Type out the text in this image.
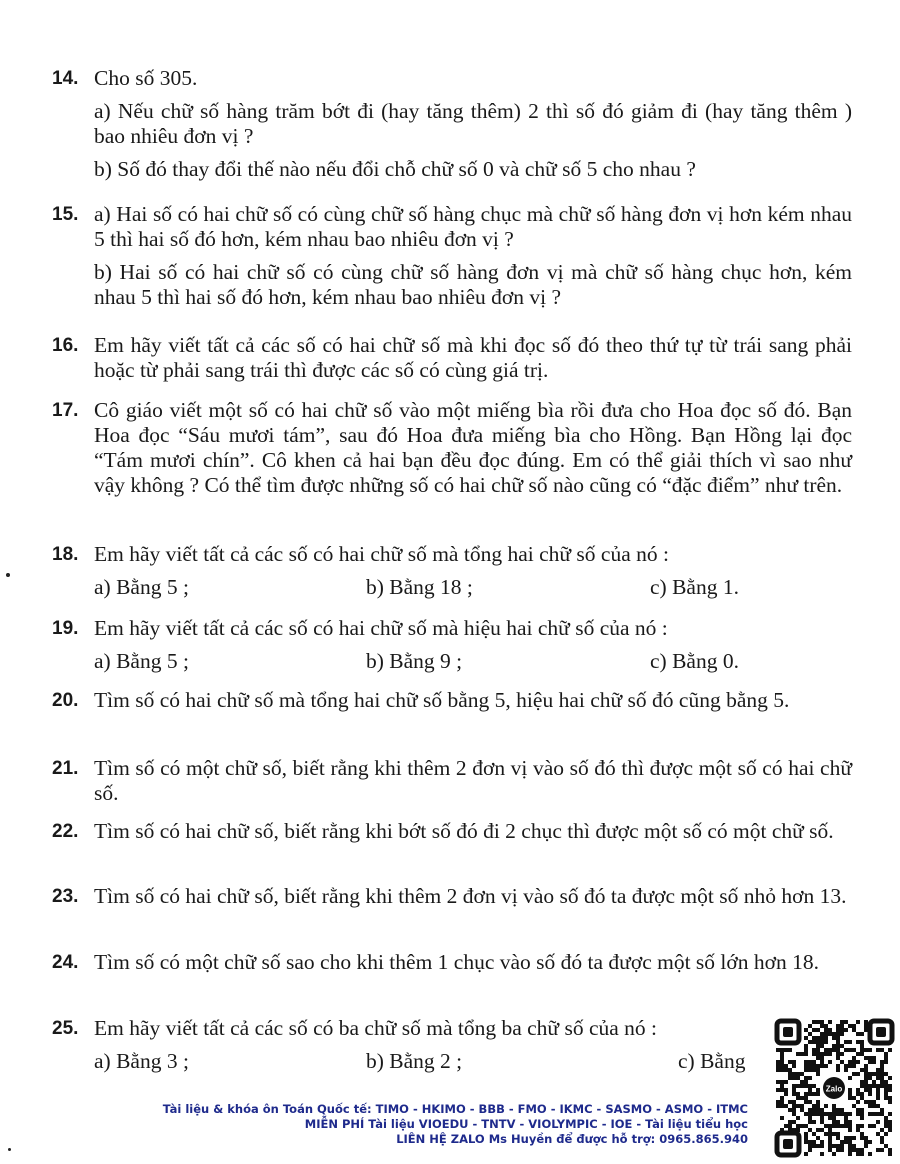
14. Cho số 305.

a) Nếu chữ số hàng trăm bớt đi (hay tăng thêm) 2 thì số đó giảm đi (hay tăng thêm ) bao nhiêu đơn vị ?

b) Số đó thay đổi thế nào nếu đổi chỗ chữ số 0 và chữ số 5 cho nhau ?

15. a) Hai số có hai chữ số có cùng chữ số hàng chục mà chữ số hàng đơn vị hơn kém nhau 5 thì hai số đó hơn, kém nhau bao nhiêu đơn vị ?

b) Hai số có hai chữ số có cùng chữ số hàng đơn vị mà chữ số hàng chục hơn, kém nhau 5 thì hai số đó hơn, kém nhau bao nhiêu đơn vị ?

16. Em hãy viết tất cả các số có hai chữ số mà khi đọc số đó theo thứ tự từ trái sang phải hoặc từ phải sang trái thì được các số có cùng giá trị.

17. Cô giáo viết một số có hai chữ số vào một miếng bìa rồi đưa cho Hoa đọc số đó. Bạn Hoa đọc “Sáu mươi tám”, sau đó Hoa đưa miếng bìa cho Hồng. Bạn Hồng lại đọc “Tám mươi chín”. Cô khen cả hai bạn đều đọc đúng. Em có thể giải thích vì sao như vậy không ? Có thể tìm được những số có hai chữ số nào cũng có “đặc điểm” như trên.

18. Em hãy viết tất cả các số có hai chữ số mà tổng hai chữ số của nó :

a) Bằng 5 ;	b) Bằng 18 ;	c) Bằng 1.
19. Em hãy viết tất cả các số có hai chữ số mà hiệu hai chữ số của nó :

a) Bằng 5 ;	b) Bằng 9 ;	c) Bằng 0.
20. Tìm số có hai chữ số mà tổng hai chữ số bằng 5, hiệu hai chữ số đó cũng bằng 5.

21. Tìm số có một chữ số, biết rằng khi thêm 2 đơn vị vào số đó thì được một số có hai chữ số.

22. Tìm số có hai chữ số, biết rằng khi bớt số đó đi 2 chục thì được một số có một chữ số.

23. Tìm số có hai chữ số, biết rằng khi thêm 2 đơn vị vào số đó ta được một số nhỏ hơn 13.

24. Tìm số có một chữ số sao cho khi thêm 1 chục vào số đó ta được một số lớn hơn 18.

25. Em hãy viết tất cả các số có ba chữ số mà tổng ba chữ số của nó :

a) Bằng 3 ;	b) Bằng 2 ;	c) Bằng
Tài liệu & khóa ôn Toán Quốc tế: TIMO - HKIMO - BBB - FMO - IKMC - SASMO - ASMO - ITMC
MIỄN PHÍ Tài liệu VIOEDU - TNTV - VIOLYMPIC - IOE - Tài liệu tiểu học
LIÊN HỆ ZALO Ms Huyền để được hỗ trợ: 0965.865.940
Zalo
